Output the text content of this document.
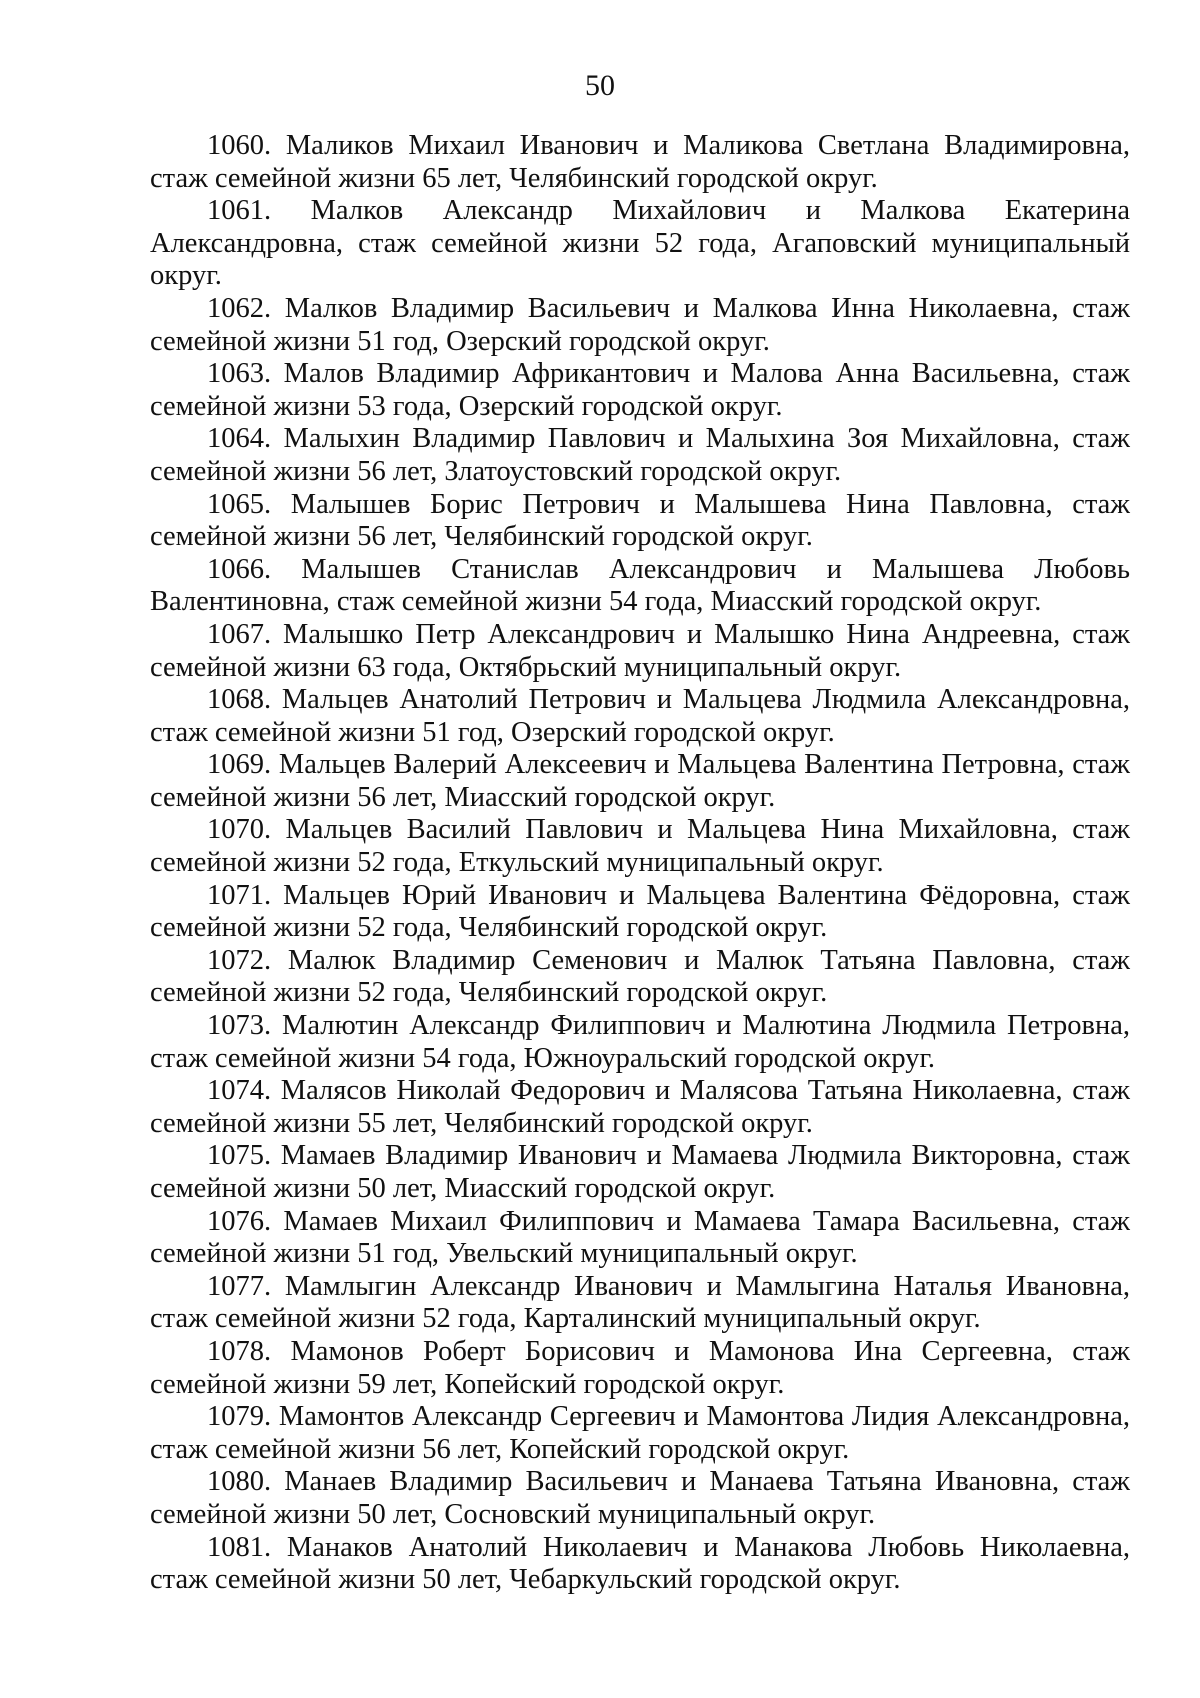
50

1060. Маликов Михаил Иванович и Маликова Светлана Владимировна, стаж семейной жизни 65 лет, Челябинский городской округ.

1061. Малков Александр Михайлович и Малкова Екатерина Александровна, стаж семейной жизни 52 года, Агаповский муниципальный округ.

1062. Малков Владимир Васильевич и Малкова Инна Николаевна, стаж семейной жизни 51 год, Озерский городской округ.

1063. Малов Владимир Африкантович и Малова Анна Васильевна, стаж семейной жизни 53 года, Озерский городской округ.

1064. Малыхин Владимир Павлович и Малыхина Зоя Михайловна, стаж семейной жизни 56 лет, Златоустовский городской округ.

1065. Малышев Борис Петрович и Малышева Нина Павловна, стаж семейной жизни 56 лет, Челябинский городской округ.

1066. Малышев Станислав Александрович и Малышева Любовь Валентиновна, стаж семейной жизни 54 года, Миасский городской округ.

1067. Малышко Петр Александрович и Малышко Нина Андреевна, стаж семейной жизни 63 года, Октябрьский муниципальный округ.

1068. Мальцев Анатолий Петрович и Мальцева Людмила Александровна, стаж семейной жизни 51 год, Озерский городской округ.

1069. Мальцев Валерий Алексеевич и Мальцева Валентина Петровна, стаж семейной жизни 56 лет, Миасский городской округ.

1070. Мальцев Василий Павлович и Мальцева Нина Михайловна, стаж семейной жизни 52 года, Еткульский муниципальный округ.

1071. Мальцев Юрий Иванович и Мальцева Валентина Фёдоровна, стаж семейной жизни 52 года, Челябинский городской округ.

1072. Малюк Владимир Семенович и Малюк Татьяна Павловна, стаж семейной жизни 52 года, Челябинский городской округ.

1073. Малютин Александр Филиппович и Малютина Людмила Петровна, стаж семейной жизни 54 года, Южноуральский городской округ.

1074. Малясов Николай Федорович и Малясова Татьяна Николаевна, стаж семейной жизни 55 лет, Челябинский городской округ.

1075. Мамаев Владимир Иванович и Мамаева Людмила Викторовна, стаж семейной жизни 50 лет, Миасский городской округ.

1076. Мамаев Михаил Филиппович и Мамаева Тамара Васильевна, стаж семейной жизни 51 год, Увельский муниципальный округ.

1077. Мамлыгин Александр Иванович и Мамлыгина Наталья Ивановна, стаж семейной жизни 52 года, Карталинский муниципальный округ.

1078. Мамонов Роберт Борисович и Мамонова Ина Сергеевна, стаж семейной жизни 59 лет, Копейский городской округ.

1079. Мамонтов Александр Сергеевич и Мамонтова Лидия Александровна, стаж семейной жизни 56 лет, Копейский городской округ.

1080. Манаев Владимир Васильевич и Манаева Татьяна Ивановна, стаж семейной жизни 50 лет, Сосновский муниципальный округ.

1081. Манаков Анатолий Николаевич и Манакова Любовь Николаевна, стаж семейной жизни 50 лет, Чебаркульский городской округ.
